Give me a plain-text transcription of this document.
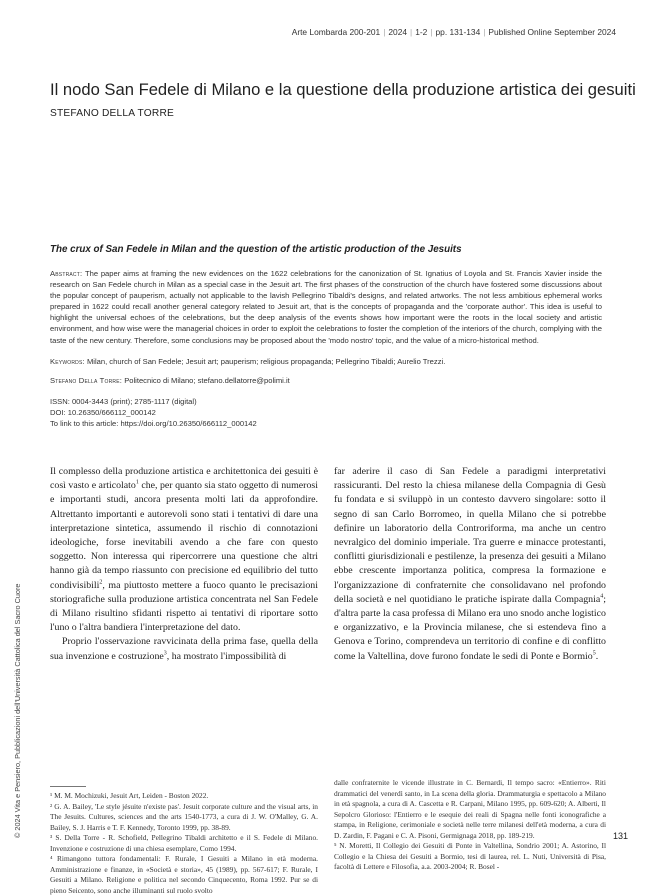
Arte Lombarda 200-201 | 2024 | 1-2 | pp. 131-134 | Published Online September 2024
Il nodo San Fedele di Milano e la questione della produzione artistica dei gesuiti
STEFANO DELLA TORRE
The crux of San Fedele in Milan and the question of the artistic production of the Jesuits

Abstract: The paper aims at framing the new evidences on the 1622 celebrations for the canonization of St. Ignatius of Loyola and St. Francis Xavier inside the research on San Fedele church in Milan as a special case in the Jesuit art. The first phases of the construction of the church have fostered some discussions about the popular concept of pauperism, actually not applicable to the lavish Pellegrino Tibaldi's designs, and related artworks. The not less ambitious ephemeral works prepared in 1622 could recall another general category related to Jesuit art, that is the concepts of propaganda and the 'corporate author'. This idea is useful to highlight the universal echoes of the celebrations, but the deep analysis of the events shows how important were the roots in the local society and artistic environment, and how wise were the managerial choices in order to exploit the celebrations to foster the completion of the interiors of the church, complying with the taste of the new century. Therefore, some conclusions may be proposed about the 'modo nostro' topic, and the value of a micro-historical method.

Keywords: Milan, church of San Fedele; Jesuit art; pauperism; religious propaganda; Pellegrino Tibaldi; Aurelio Trezzi.

Stefano Della Torre: Politecnico di Milano; stefano.dellatorre@polimi.it

ISSN: 0004-3443 (print); 2785-1117 (digital)
DOI: 10.26350/666112_000142
To link to this article: https://doi.org/10.26350/666112_000142

Il complesso della produzione artistica e architettonica dei gesuiti è così vasto e articolato$^1$ che, per quanto sia stato oggetto di numerosi e importanti studi, ancora presenta molti lati da approfondire. Altrettanto importanti e autorevoli sono stati i tentativi di dare una interpretazione sintetica, assumendo il rischio di connotazioni ideologiche, forse inevitabili avendo a che fare con questo soggetto. Non interessa qui ripercorrere una questione che altri hanno già da tempo riassunto con precisione ed equilibrio del tutto condivisibili$^2$, ma piuttosto mettere a fuoco quanto le precisazioni storiografiche sulla produzione artistica concentrata nel San Fedele di Milano risultino sfidanti rispetto ai tentativi di riportare sotto l'uno o l'altra bandiera l'interpretazione del dato.

Proprio l'osservazione ravvicinata della prima fase, quella della sua invenzione e costruzione$^3$, ha mostrato l'impossibilità di

far aderire il caso di San Fedele a paradigmi interpretativi rassicuranti. Del resto la chiesa milanese della Compagnia di Gesù fu fondata e si sviluppò in un contesto davvero singolare: sotto il segno di san Carlo Borromeo, in quella Milano che si potrebbe definire un laboratorio della Controriforma, ma anche un centro nevralgico del dominio imperiale. Tra guerre e minacce protestanti, conflitti giurisdizionali e pestilenze, la presenza dei gesuiti a Milano ebbe crescente importanza politica, compresa la formazione e l'organizzazione di confraternite che consolidavano nel profondo della società e nel quotidiano le pratiche ispirate dalla Compagnia$^4$; d'altra parte la casa professa di Milano era uno snodo anche logistico e organizzativo, e la Provincia milanese, che si estendeva fino a Genova e Torino, comprendeva un territorio di confine e di conflitto come la Valtellina, dove furono fondate le sedi di Ponte e Bormio$^5$.

¹ M. M. Mochizuki, Jesuit Art, Leiden - Boston 2022.
² G. A. Bailey, 'Le style jésuite n'existe pas'. Jesuit corporate culture and the visual arts, in The Jesuits. Cultures, sciences and the arts 1540-1773, a cura di J. W. O'Malley, G. A. Bailey, S. J. Harris e T. F. Kennedy, Toronto 1999, pp. 38-89.
³ S. Della Torre - R. Schofield, Pellegrino Tibaldi architetto e il S. Fedele di Milano. Invenzione e costruzione di una chiesa esemplare, Como 1994.
⁴ Rimangono tuttora fondamentali: F. Rurale, I Gesuiti a Milano in età moderna. Amministrazione e finanze, in «Società e storia», 45 (1989), pp. 567-617; F. Rurale, I Gesuiti a Milano. Religione e politica nel secondo Cinquecento, Roma 1992. Pur se di pieno Seicento, sono anche illuminanti sul ruolo svolto
dalle confraternite le vicende illustrate in C. Bernardi, Il tempo sacro: «Entierro». Riti drammatici del venerdì santo, in La scena della gloria. Drammaturgia e spettacolo a Milano in età spagnola, a cura di A. Cascetta e R. Carpani, Milano 1995, pp. 609-620; A. Alberti, Il Sepolcro Glorioso: l'Entierro e le esequie dei reali di Spagna nelle fonti iconografiche a stampa, in Religione, cerimoniale e società nelle terre milanesi dell'età moderna, a cura di D. Zardin, F. Pagani e C. A. Pisoni, Germignaga 2018, pp. 189-219.
⁵ N. Moretti, Il Collegio dei Gesuiti di Ponte in Valtellina, Sondrio 2001; A. Astorino, Il Collegio e la Chiesa dei Gesuiti a Bormio, tesi di laurea, rel. L. Nuti, Università di Pisa, facoltà di Lettere e Filosofia, a.a. 2003-2004; R. Bosel -
© 2024 Vita e Pensiero, Pubblicazioni dell'Università Cattolica del Sacro Cuore	131
